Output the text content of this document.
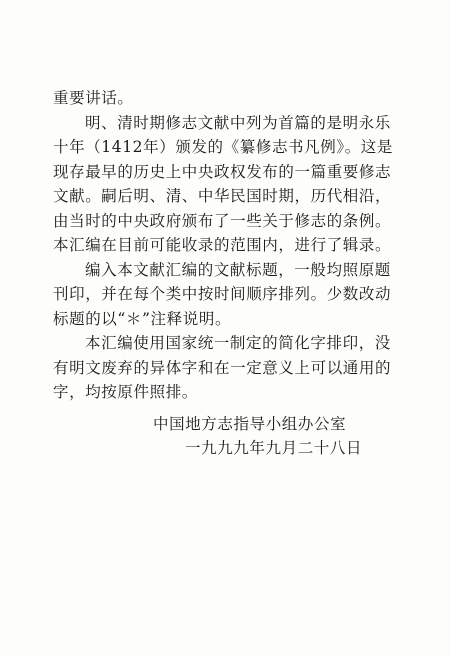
重要讲话。

明、清时期修志文献中列为首篇的是明永乐十年（1412年）颁发的《纂修志书凡例》。这是现存最早的历史上中央政权发布的一篇重要修志文献。嗣后明、清、中华民国时期，历代相沿，由当时的中央政府颁布了一些关于修志的条例。本汇编在目前可能收录的范围内，进行了辑录。

编入本文献汇编的文献标题，一般均照原题刊印，并在每个类中按时间顺序排列。少数改动标题的以“＊”注释说明。

本汇编使用国家统一制定的简化字排印，没有明文废弃的异体字和在一定意义上可以通用的字，均按原件照排。

中国地方志指导小组办公室
一九九九年九月二十八日
